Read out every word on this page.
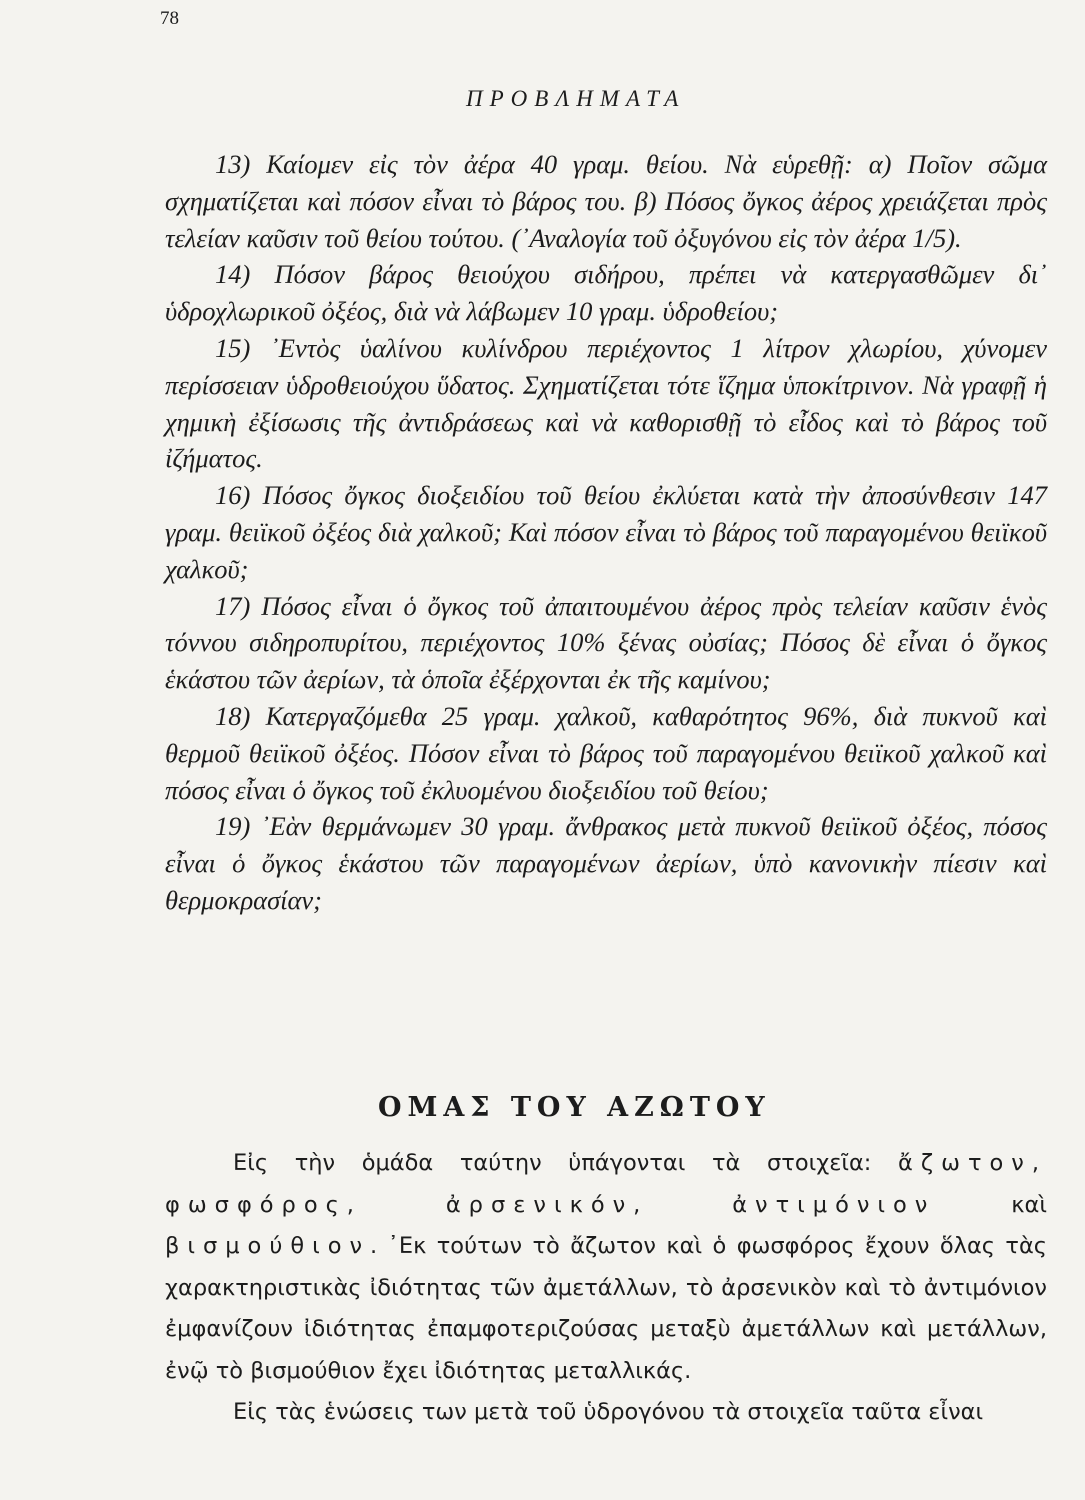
78
ΠΡΟΒΛΗΜΑΤΑ

13) Καίομεν εἰς τὸν ἀέρα 40 γραμ. θείου. Νὰ εὑρεθῇ: α) Ποῖον σῶμα σχηματίζεται καὶ πόσον εἶναι τὸ βάρος του. β) Πόσος ὄγκος ἀέρος χρειάζεται πρὸς τελείαν καῦσιν τοῦ θείου τούτου. (᾿Αναλογία τοῦ ὀξυγόνου εἰς τὸν ἀέρα 1/5).

14) Πόσον βάρος θειούχου σιδήρου, πρέπει νὰ κατεργασθῶμεν δι᾿ ὑδροχλωρικοῦ ὀξέος, διὰ νὰ λάβωμεν 10 γραμ. ὑδροθείου;

15) ᾿Εντὸς ὑαλίνου κυλίνδρου περιέχοντος 1 λίτρον χλωρίου, χύνομεν περίσσειαν ὑδροθειούχου ὕδατος. Σχηματίζεται τότε ἵζημα ὑποκίτρινον. Νὰ γραφῇ ἡ χημικὴ ἐξίσωσις τῆς ἀντιδράσεως καὶ νὰ καθορισθῇ τὸ εἶδος καὶ τὸ βάρος τοῦ ἰζήματος.

16) Πόσος ὄγκος διοξειδίου τοῦ θείου ἐκλύεται κατὰ τὴν ἀποσύνθεσιν 147 γραμ. θειϊκοῦ ὀξέος διὰ χαλκοῦ; Καὶ πόσον εἶναι τὸ βάρος τοῦ παραγομένου θειϊκοῦ χαλκοῦ;

17) Πόσος εἶναι ὁ ὄγκος τοῦ ἀπαιτουμένου ἀέρος πρὸς τελείαν καῦσιν ἑνὸς τόννου σιδηροπυρίτου, περιέχοντος 10% ξένας οὐσίας; Πόσος δὲ εἶναι ὁ ὄγκος ἑκάστου τῶν ἀερίων, τὰ ὁποῖα ἐξέρχονται ἐκ τῆς καμίνου;

18) Κατεργαζόμεθα 25 γραμ. χαλκοῦ, καθαρότητος 96%, διὰ πυκνοῦ καὶ θερμοῦ θειϊκοῦ ὀξέος. Πόσον εἶναι τὸ βάρος τοῦ παραγομένου θειϊκοῦ χαλκοῦ καὶ πόσος εἶναι ὁ ὄγκος τοῦ ἐκλυομένου διοξειδίου τοῦ θείου;

19) ᾿Εὰν θερμάνωμεν 30 γραμ. ἄνθρακος μετὰ πυκνοῦ θειϊκοῦ ὀξέος, πόσος εἶναι ὁ ὄγκος ἑκάστου τῶν παραγομένων ἀερίων, ὑπὸ κανονικὴν πίεσιν καὶ θερμοκρασίαν;

ΟΜΑΣ ΤΟΥ ΑΖΩΤΟΥ

Εἰς τὴν ὁμάδα ταύτην ὑπάγονται τὰ στοιχεῖα: ἄζωτον, φωσφόρος, ἀρσενικόν, ἀντιμόνιον	καὶ βισμούθιον. ᾿Εκ τούτων τὸ ἄζωτον καὶ ὁ φωσφόρος ἔχουν ὅλας τὰς χαρακτηριστικὰς ἰδιότητας τῶν ἀμετάλλων, τὸ ἀρσενικὸν καὶ τὸ ἀντιμόνιον ἐμφανίζουν ἰδιότητας ἐπαμφοτεριζούσας μεταξὺ ἀμετάλλων καὶ μετάλλων, ἐνῷ τὸ βισμούθιον ἔχει ἰδιότητας μεταλλικάς.

Εἰς τὰς ἑνώσεις των μετὰ τοῦ ὑδρογόνου τὰ στοιχεῖα ταῦτα εἶναι
